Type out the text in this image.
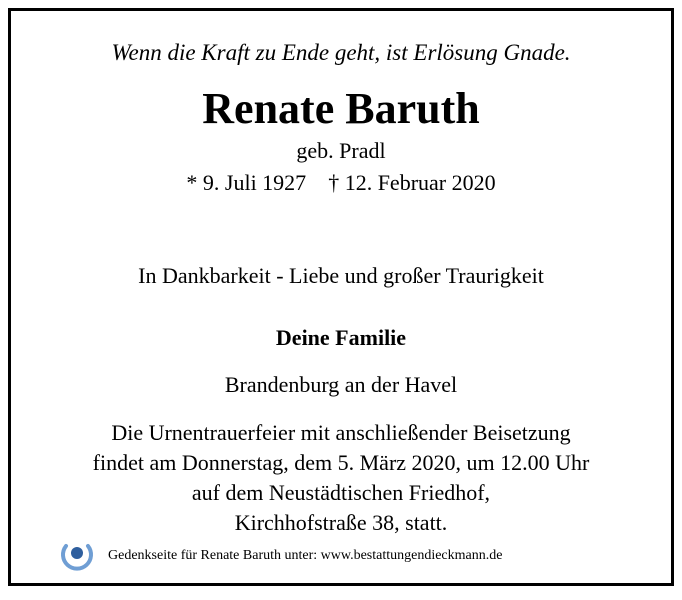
Wenn die Kraft zu Ende geht, ist Erlösung Gnade.
Renate Baruth
geb. Pradl
* 9. Juli 1927 † 12. Februar 2020
In Dankbarkeit - Liebe und großer Traurigkeit
Deine Familie
Brandenburg an der Havel
Die Urnentrauerfeier mit anschließender Beisetzung
findet am Donnerstag, dem 5. März 2020, um 12.00 Uhr
auf dem Neustädtischen Friedhof,
Kirchhofstraße 38, statt.
Gedenkseite für Renate Baruth unter: www.bestattungendieckmann.de
